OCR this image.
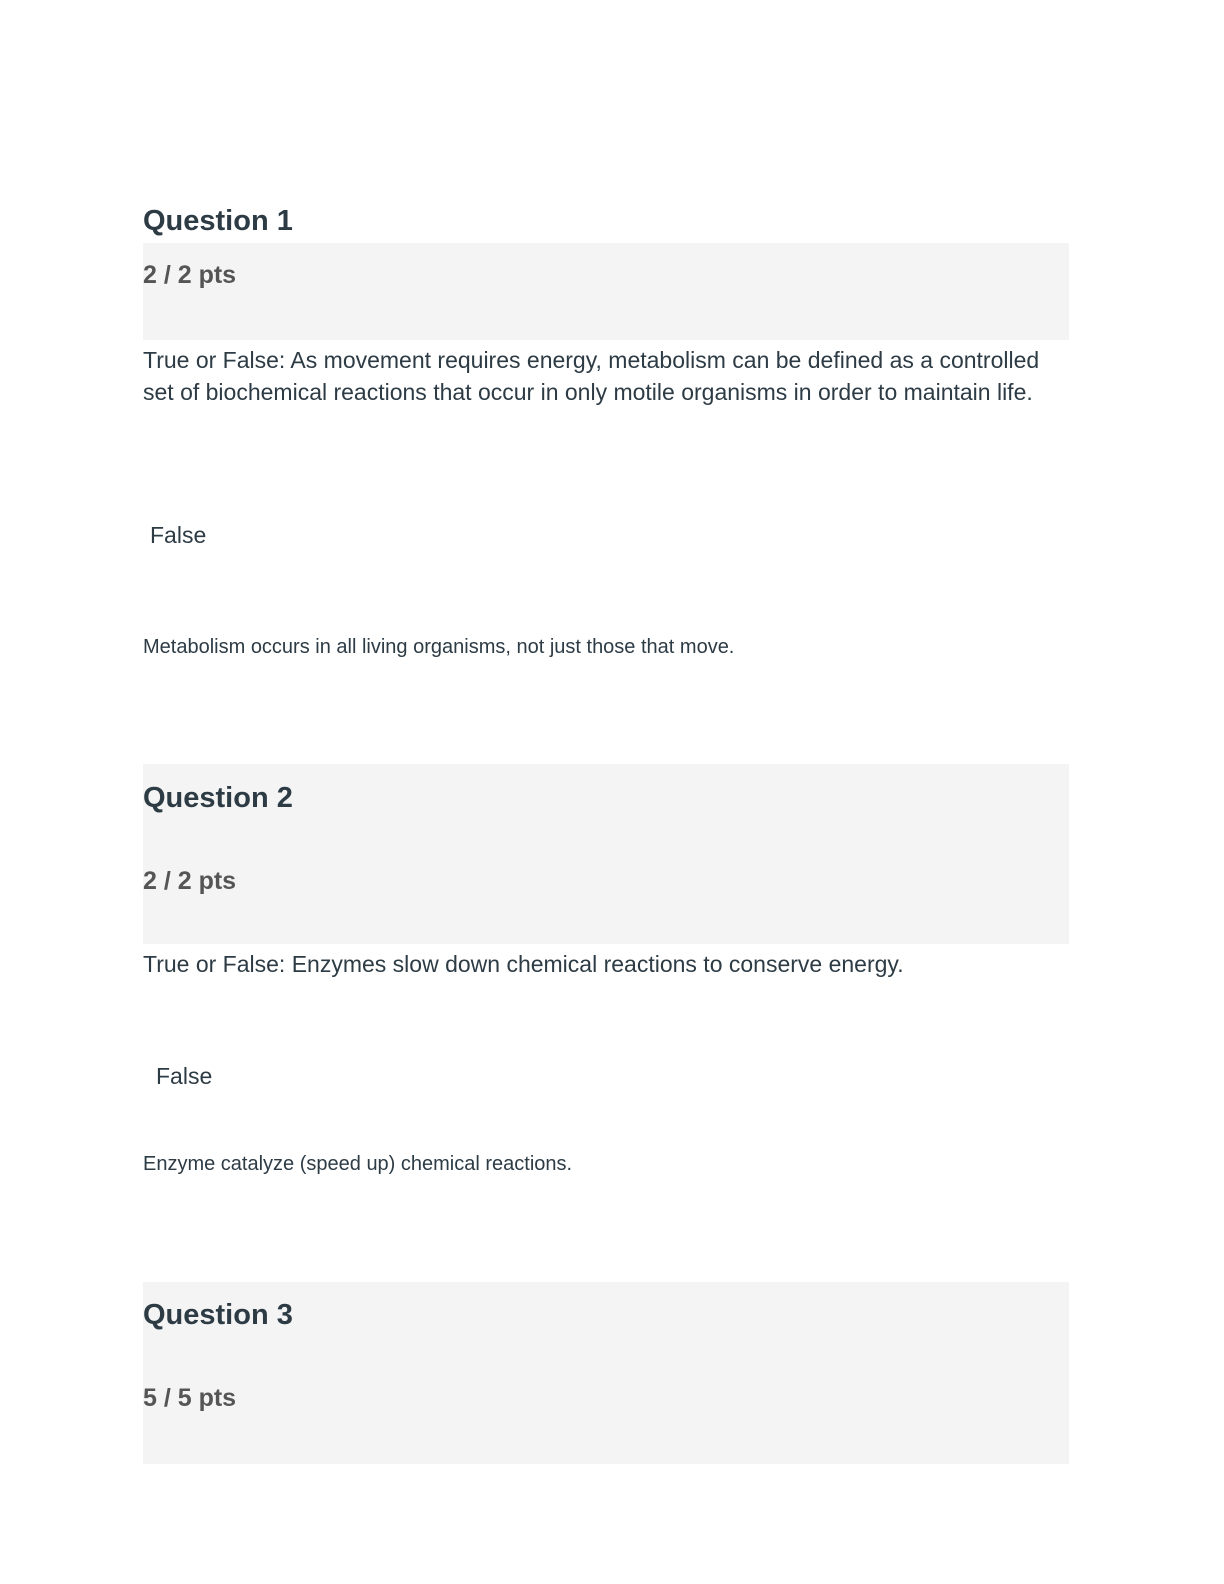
Question 1
2 / 2 pts
True or False: As movement requires energy, metabolism can be defined as a controlled set of biochemical reactions that occur in only motile organisms in order to maintain life.
False
Metabolism occurs in all living organisms, not just those that move.
Question 2
2 / 2 pts
True or False: Enzymes slow down chemical reactions to conserve energy.
False
Enzyme catalyze (speed up) chemical reactions.
Question 3
5 / 5 pts
